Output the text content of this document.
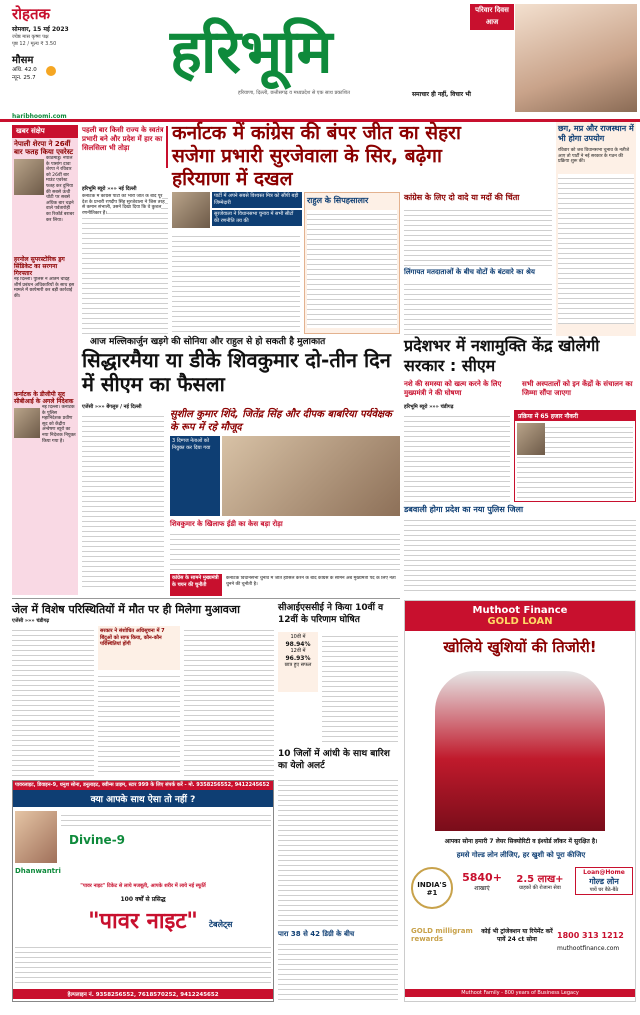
रोहतक
सोमवार, 15 मई 2023
ज्येष्ठ मास कृष्ण पक्ष
पृष्ठ 12 / मूल्य ₹ 3.50
मौसम
अधि. 42.0
न्यून. 25.7	हरिभूमि
हरियाणा, दिल्ली, छत्तीसगढ़ व मध्यप्रदेश से एक साथ प्रकाशित	समाचार ही नहीं, विचार भी
परिवार दिवस
आज
haribhoomi.com
खबर संक्षेप
नेपाली शेरपा ने 26वीं बार फतह किया एवरेस्ट
काठमांडू। नेपाल के पासांग दावा शेरपा ने रविवार को 26वीं बार माउंट एवरेस्ट फतह कर दुनिया की सबसे ऊंची चोटी पर सबसे अधिक बार चढ़ने वाले पर्वतारोही का रिकॉर्ड बराबर कर लिया।
हरनोल सुपरस्टोरिक ड्रग सिंडिकेट का सरगना गिरफ्तार
नई दिल्ली। पुलिस ने अंतिम चौदह शीर्ष प्रबंधन अधिकारियों के साथ इस मामले में छापेमारी कर बड़ी कार्रवाई की।
कर्नाटक के डीजीपी सूद सीबीआई के अगले निदेशक
नई दिल्ली। कर्नाटक के पुलिस महानिदेशक प्रवीण सूद को केंद्रीय अन्वेषण ब्यूरो का नया निदेशक नियुक्त किया गया है।
पहली बार किसी राज्य के स्वतंत्र प्रभारी बने और प्रदेश में हार का सिलसिला भी तोड़ा
कर्नाटक में कांग्रेस की बंपर जीत का सेहरा सजेगा प्रभारी सुरजेवाला के सिर, बढ़ेगा हरियाणा में दखल
हरिभूमि ब्यूरो »»» नई दिल्ली
कर्नाटक में कांग्रेस पार्टी को भारी जीत के बाद पूरे देश के प्रभारी रणदीप सिंह सुरजेवाला ने जिस तरह से कमान संभाली, उसने दिखा दिया कि वे कुशल रणनीतिकार हैं।
पार्टी में अपने सबसे विश्वस्त मित्र को सौंपी बड़ी जिम्मेदारी
सुरजेवाला ने विधानसभा चुनाव में सभी सीटों की रणनीति तय की
राहुल के सिपहसालार	कांग्रेस के लिए दो वादे या मदों की चिंता
लिंगायत मतदाताओं के बीच वोटों के बंटवारे का श्रेय
छग, मप्र और राजस्थान में भी होगा उपयोग
रविवार को जब विधानसभा चुनाव के नतीजे आए तो पार्टी ने नई सरकार के गठन की प्रक्रिया शुरू की।
आज मल्लिकार्जुन खड़गे की सोनिया और राहुल से हो सकती है मुलाकात
सिद्धारमैया या डीके शिवकुमार दो-तीन दिन में सीएम का फैसला
एजेंसी »»» बेंगलुरु / नई दिल्ली
सुशील कुमार शिंदे, जितेंद्र सिंह और दीपक बाबरिया पर्यवेक्षक के रूप में रहे मौजूद
3 दिग्गज नेताओं को नियुक्त कर दिया गया
शिवकुमार के खिलाफ ईडी का केस बड़ा रोड़ा
कांग्रेस के सामने मुख्यमंत्री के चयन की चुनौती
कर्नाटक विधानसभा चुनाव में जीत हासिल करने के बाद कांग्रेस के सामने अब मुख्यमंत्री पद के लिए नेता चुनने की चुनौती है।
प्रदेशभर में नशामुक्ति केंद्र खोलेगी सरकार : सीएम
नशे की समस्या को खत्म करने के लिए मुख्यमंत्री ने की घोषणा
सभी अस्पतालों को इन केंद्रों के संचालन का जिम्मा सौंपा जाएगा
हरिभूमि ब्यूरो »»» चंडीगढ़
प्रक्रिया में 65 हजार नौकरी
डबवाली होगा प्रदेश का नया पुलिस जिला
जेल में विशेष परिस्थितियों में मौत पर ही मिलेगा मुआवजा
एजेंसी »»» चंडीगढ़
सरकार ने संशोधित अधिसूचना में 7 बिंदुओं को साफ किया, कौन-कौन परिस्थितियां होंगी
सीआईएससीई ने किया 10वीं व 12वीं के परिणाम घोषित
10वीं में
98.94%
12वीं में
96.93%
छात्र हुए सफल
10 जिलों में आंधी के साथ बारिश का येलो अलर्ट
पारा 38 से 42 डिग्री के बीच
पावरलाइट, डिवाइन-9, धनुश सोना, डनूलाइट, क्वीन्स प्राइम, स्टार 999 के लिए संपर्क करें - मो. 9358256552, 9412245652
क्या आपके साथ ऐसा तो नहीं ?
Divine-9
Dhanwantri
"पावर नाइट" टिकेट से लाये मजबूती, आपके शरीर में लाये नई स्फूर्ति
100 वर्षों से प्रसिद्ध
"पावर नाइट"	टेबलेट्स
हेल्पलाइन नं. 9358256552, 7618570252, 9412245652
Muthoot Finance
GOLD LOAN
खोलिये खुशियों की तिजोरी!
आपका सोना हमारी 7 लेयर सिक्योरिटी व इंश्योर्ड लॉकर में सुरक्षित है।
हमसे गोल्ड लोन लीजिए, हर खुशी को पूरा कीजिए
INDIA'S #1
5840+
शाखाएं
2.5 लाख+
ग्राहकों की रोजाना सेवा
Loan@Home
गोल्ड लोन
पायें घर बैठे-बैठे
GOLD milligram rewards
कोई भी ट्रांजेक्शन या रिपेमेंट करें पायें 24 ct सोना	1800 313 1212
muthootfinance.com
Muthoot Family - 800 years of Business Legacy
